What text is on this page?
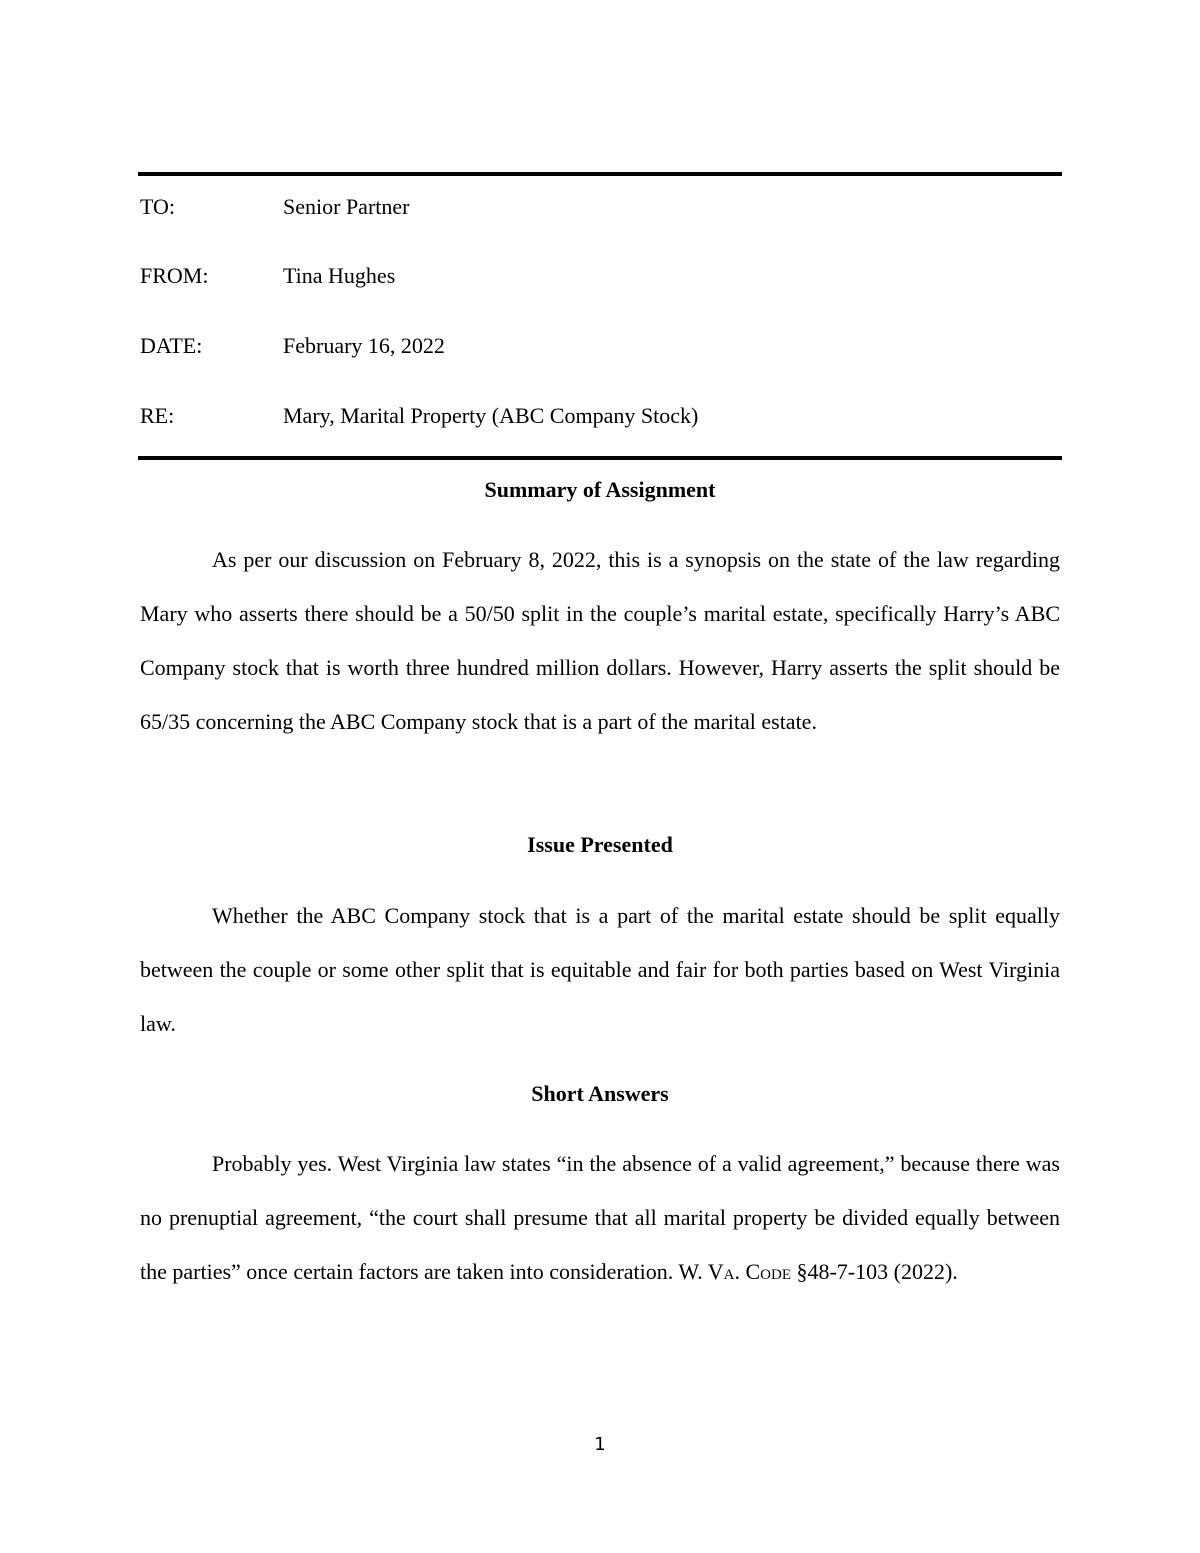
TO:	Senior Partner
FROM:	Tina Hughes
DATE:	February 16, 2022
RE:	Mary, Marital Property (ABC Company Stock)
Summary of Assignment

As per our discussion on February 8, 2022, this is a synopsis on the state of the law regarding Mary who asserts there should be a 50/50 split in the couple’s marital estate, specifically Harry’s ABC Company stock that is worth three hundred million dollars. However, Harry asserts the split should be 65/35 concerning the ABC Company stock that is a part of the marital estate.

Issue Presented

Whether the ABC Company stock that is a part of the marital estate should be split equally between the couple or some other split that is equitable and fair for both parties based on West Virginia law.

Short Answers

Probably yes. West Virginia law states “in the absence of a valid agreement,” because there was no prenuptial agreement, “the court shall presume that all marital property be divided equally between the parties” once certain factors are taken into consideration. W. Va. Code §48-7-103 (2022).

1
